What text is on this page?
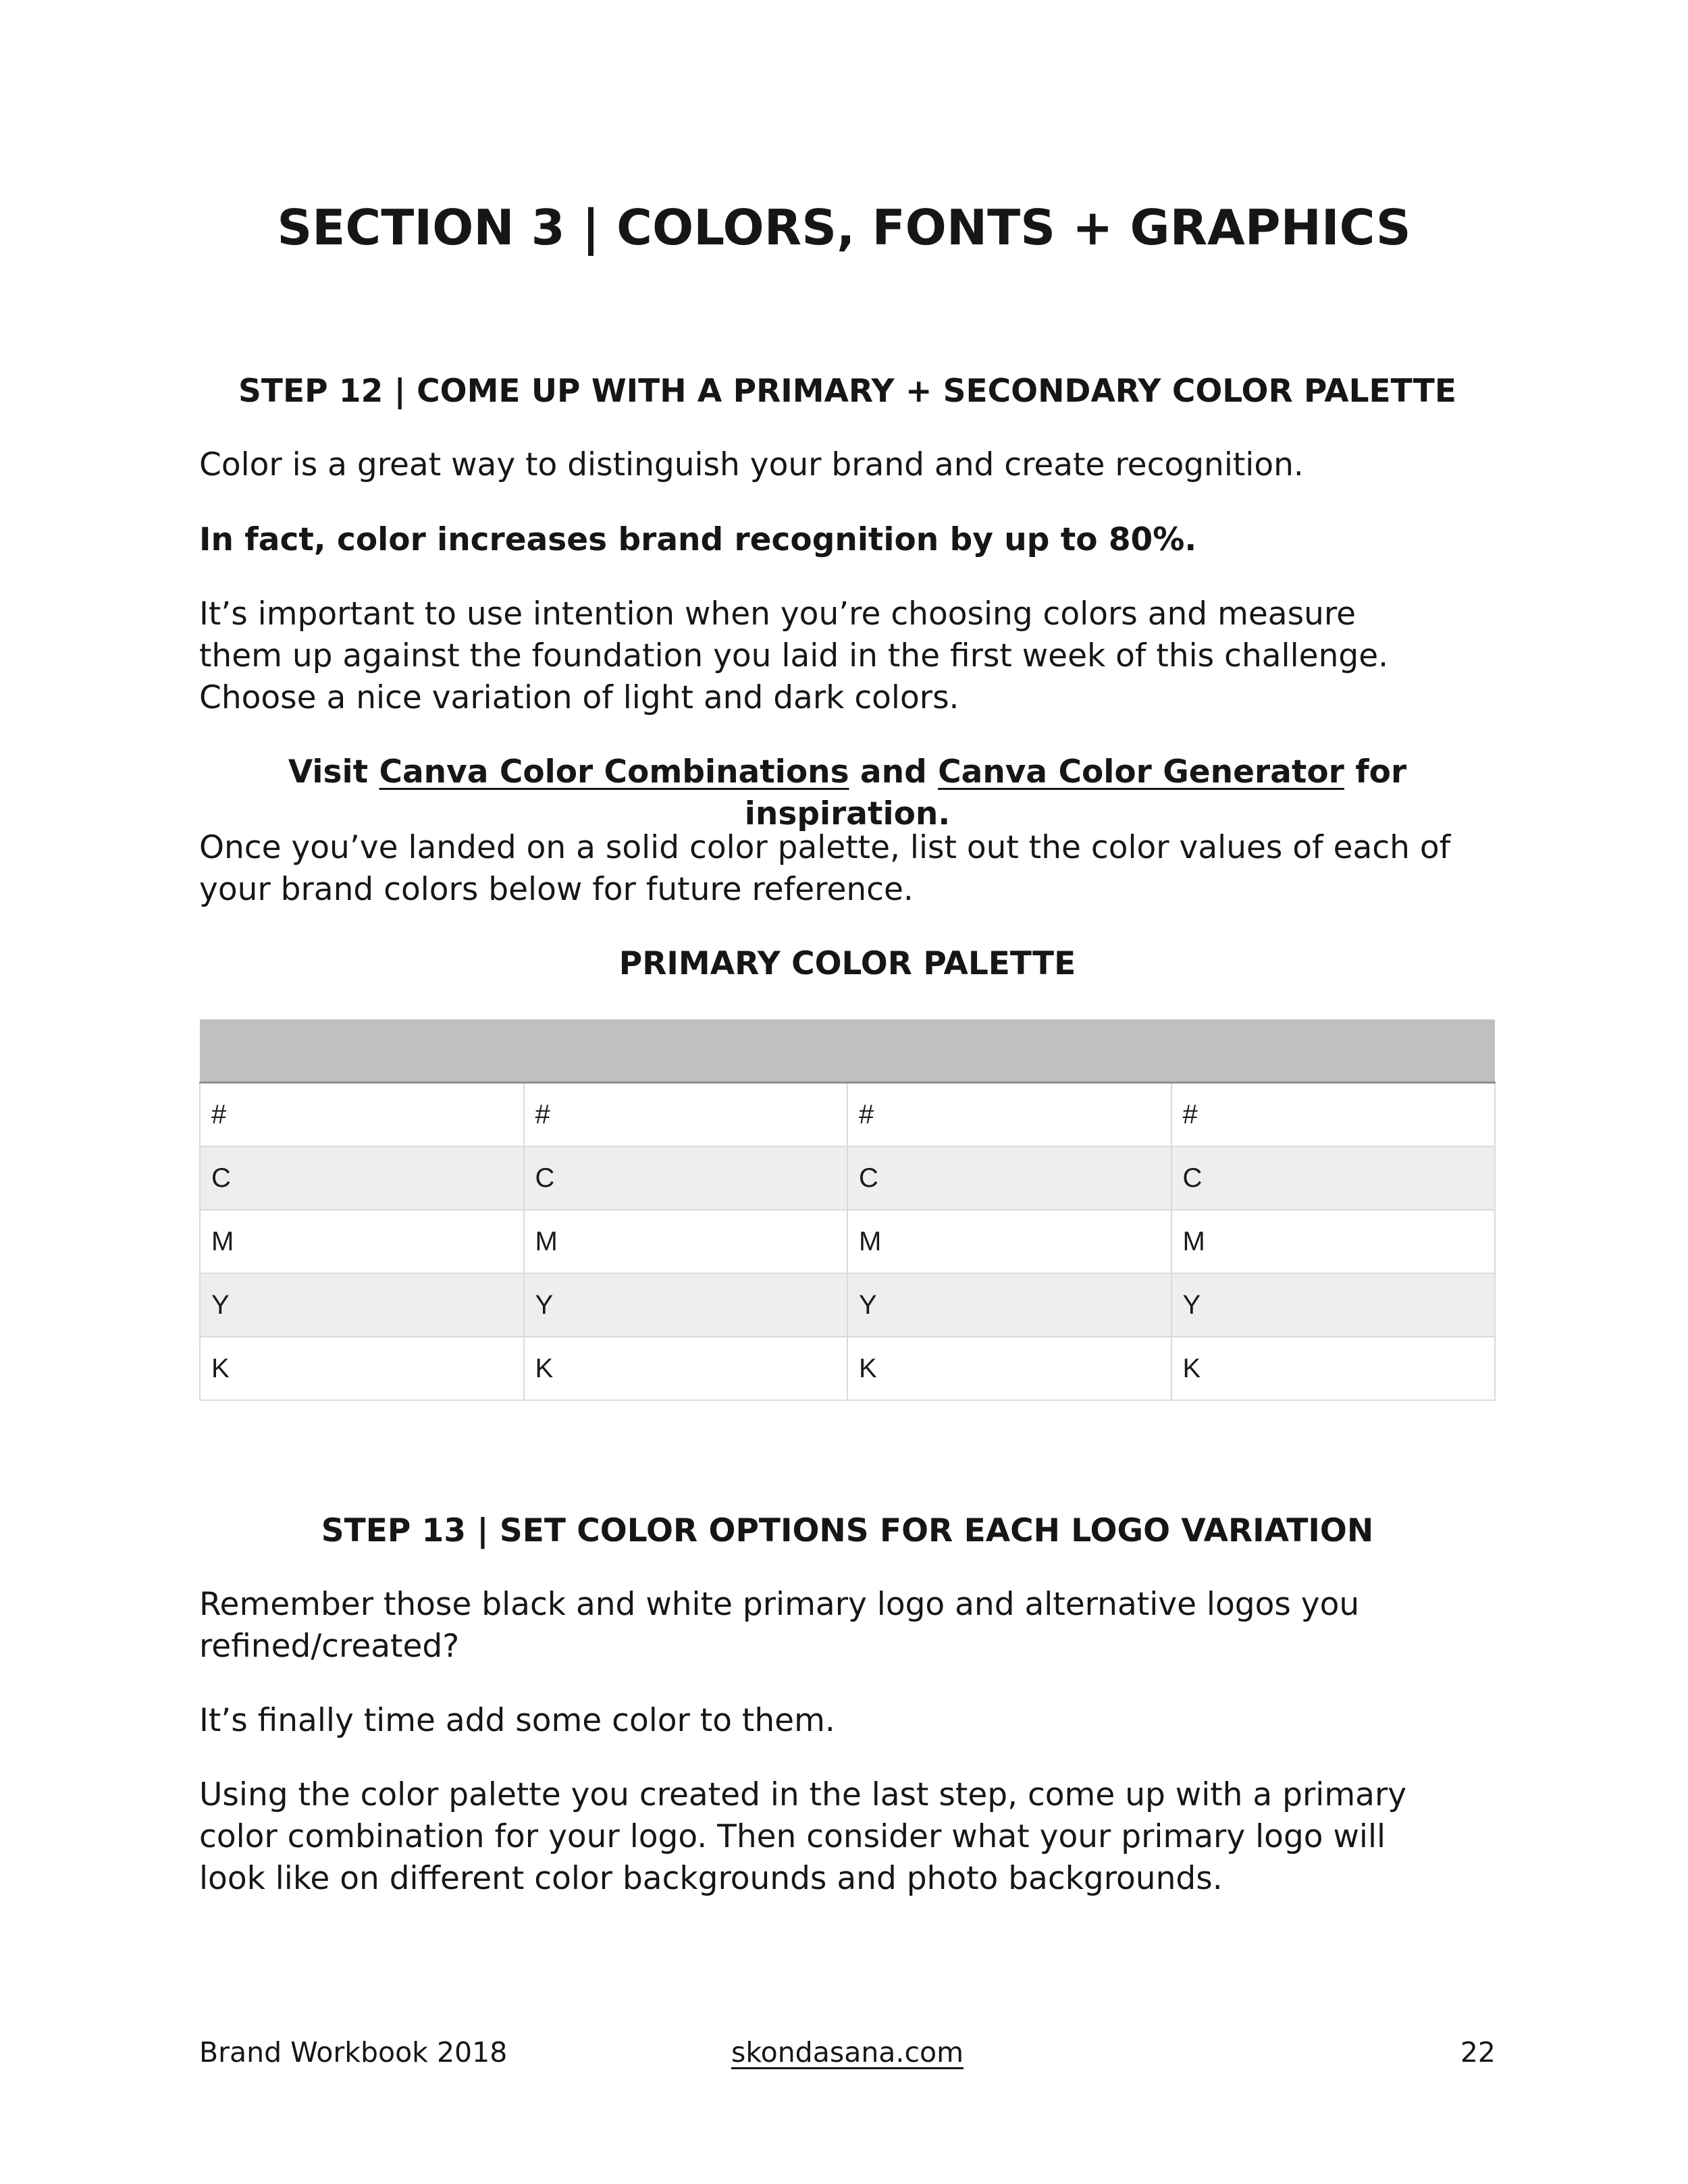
SECTION 3 | COLORS, FONTS + GRAPHICS
STEP 12 | COME UP WITH A PRIMARY + SECONDARY COLOR PALETTE

Color is a great way to distinguish your brand and create recognition.

In fact, color increases brand recognition by up to 80%.

It’s important to use intention when you’re choosing colors and measure
them up against the foundation you laid in the first week of this challenge.
Choose a nice variation of light and dark colors.

Visit Canva Color Combinations and Canva Color Generator for inspiration.

Once you’ve landed on a solid color palette, list out the color values of each of
your brand colors below for future reference.

PRIMARY COLOR PALETTE

#	#	#	#
C	C	C	C
M	M	M	M
Y	Y	Y	Y
K	K	K	K
STEP 13 | SET COLOR OPTIONS FOR EACH LOGO VARIATION

Remember those black and white primary logo and alternative logos you
refined/created?

It’s finally time add some color to them.

Using the color palette you created in the last step, come up with a primary
color combination for your logo. Then consider what your primary logo will
look like on different color backgrounds and photo backgrounds.

Brand Workbook 2018	skondasana.com	22
